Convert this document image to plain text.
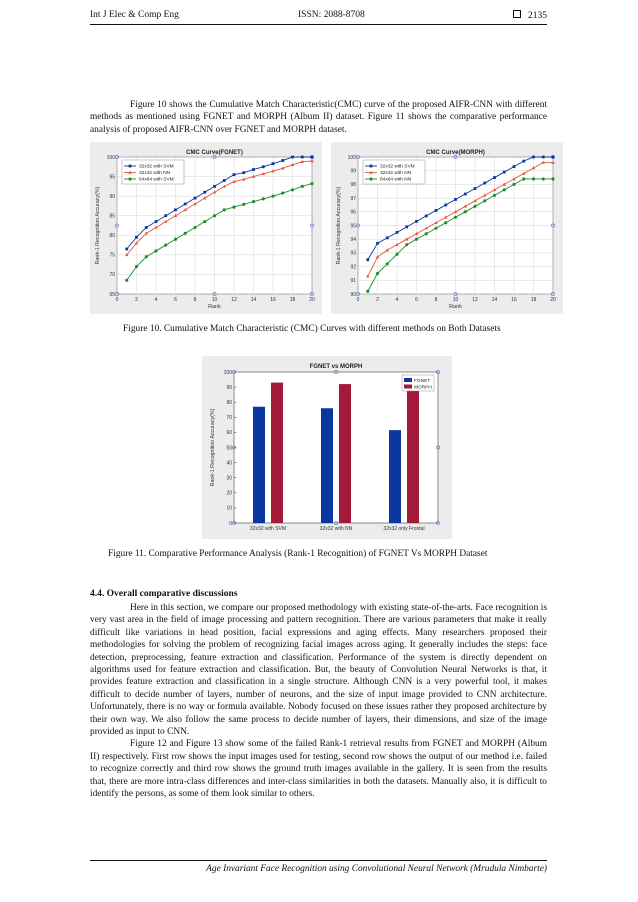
Int J Elec & Comp Eng	ISSN: 2088-8708	2135

Figure 10 shows the Cumulative Match Characteristic(CMC) curve of the proposed AIFR-CNN with different methods as mentioned using FGNET and MORPH (Album II) dataset. Figure 11 shows the comparative performance analysis of proposed AIFR-CNN over FGNET and MORPH dataset.

0	2	4	6	8	10	12	14	16	18	20
65
70
75
80
85
90
95
100
CMC Curve(FGNET)
Rank
Rank-1 Recognition Accuracy(%)
32x32 with SVM
32x32 with NN
64x64 with SVM
0	2	4	6	8	10	12	14	16	18	20
90
91
92
93
94
95
96
97
98
99
100
CMC Curve(MORPH)
Rank
Rank-1 Recognition Accuracy(%)
32x32 with SVM
32x32 with NN
64x64 with NN
Figure 10. Cumulative Match Characteristic (CMC) Curves with different methods on Both Datasets
0
10
20
30
40
50
60
70
80
90
100
FGNET vs MORPH
Rank-1 Recognition Accuracy(%)
32x32 with SVM	32x32 with NN	32x32 only Frontal
FGNET
MORPH
Figure 11. Comparative Performance Analysis (Rank-1 Recognition) of FGNET Vs MORPH Dataset
4.4. Overall comparative discussions

Here in this section, we compare our proposed methodology with existing state-of-the-arts. Face recognition is very vast area in the field of image processing and pattern recognition. There are various parameters that make it really difficult like variations in head position, facial expressions and aging effects. Many researchers proposed their methodologies for solving the problem of recognizing facial images across aging. It generally includes the steps: face detection, preprocessing, feature extraction and classification. Performance of the system is directly dependent on algorithms used for feature extraction and classification. But, the beauty of Convolution Neural Networks is that, it provides feature extraction and classification in a single structure. Although CNN is a very powerful tool, it makes difficult to decide number of layers, number of neurons, and the size of input image provided to CNN architecture. Unfortunately, there is no way or formula available. Nobody focused on these issues rather they proposed architecture by their own way. We also follow the same process to decide number of layers, their dimensions, and size of the image provided as input to CNN.

Figure 12 and Figure 13 show some of the failed Rank-1 retrieval results from FGNET and MORPH (Album II) respectively. First row shows the input images used for testing, second row shows the output of our method i.e. failed to recognize correctly and third row shows the ground truth images available in the gallery. It is seen from the results that, there are more intra-class differences and inter-class similarities in both the datasets. Manually also, it is difficult to identify the persons, as some of them look similar to others.

Age Invariant Face Recognition using Convolutional Neural Network (Mrudula Nimbarte)
